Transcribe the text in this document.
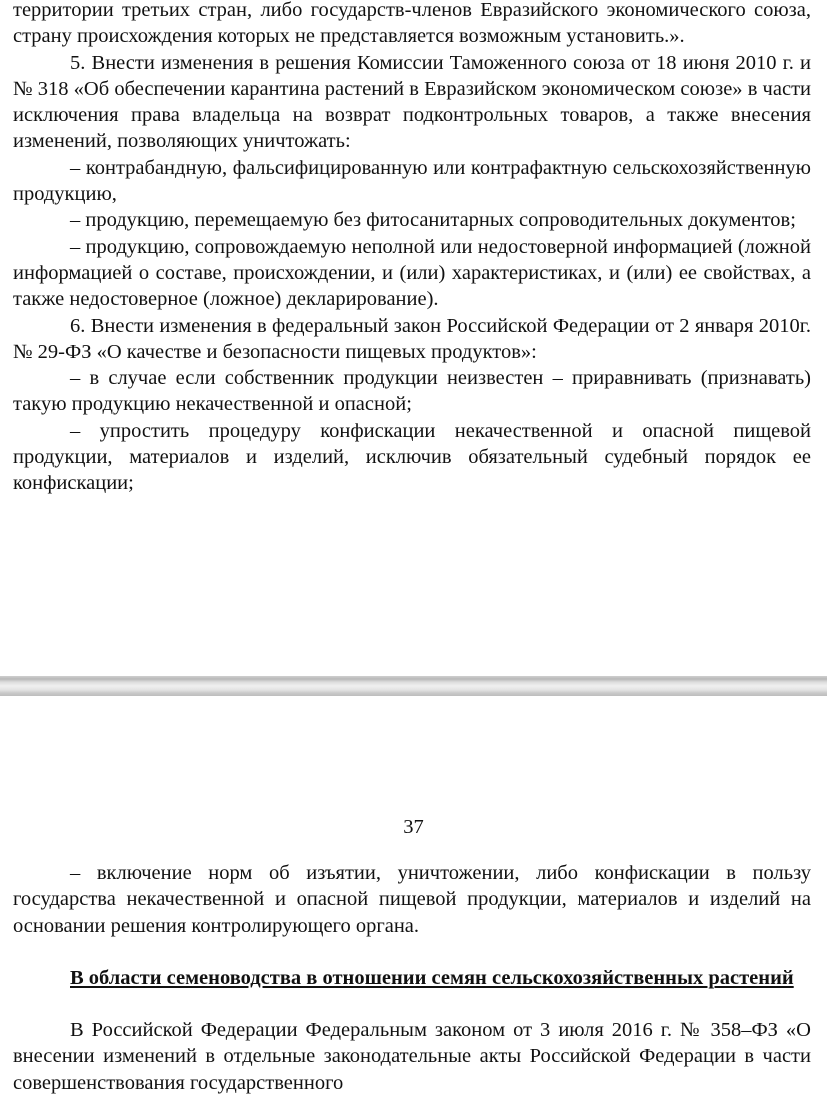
территории третьих стран, либо государств-членов Евразийского экономического союза, страну происхождения которых не представляется возможным установить.».

5. Внести изменения в решения Комиссии Таможенного союза от 18 июня 2010 г. и № 318 «Об обеспечении карантина растений в Евразийском экономическом союзе» в части исключения права владельца на возврат подконтрольных товаров, а также внесения изменений, позволяющих уничтожать:

– контрабандную, фальсифицированную или контрафактную сельскохозяйственную продукцию,

– продукцию, перемещаемую без фитосанитарных сопроводительных документов;

– продукцию, сопровождаемую неполной или недостоверной информацией (ложной информацией о составе, происхождении, и (или) характеристиках, и (или) ее свойствах, а также недостоверное (ложное) декларирование).

6. Внести изменения в федеральный закон Российской Федерации от 2 января 2010г. № 29-ФЗ «О качестве и безопасности пищевых продуктов»:

– в случае если собственник продукции неизвестен – приравнивать (признавать) такую продукцию некачественной и опасной;

– упростить процедуру конфискации некачественной и опасной пищевой продукции, материалов и изделий, исключив обязательный судебный порядок ее конфискации;

37

– включение норм об изъятии, уничтожении, либо конфискации в пользу государства некачественной и опасной пищевой продукции, материалов и изделий на основании решения контролирующего органа.

В области семеноводства в отношении семян сельскохозяйственных растений

В Российской Федерации Федеральным законом от 3 июля 2016 г. № 358–ФЗ «О внесении изменений в отдельные законодательные акты Российской Федерации в части совершенствования государственного
